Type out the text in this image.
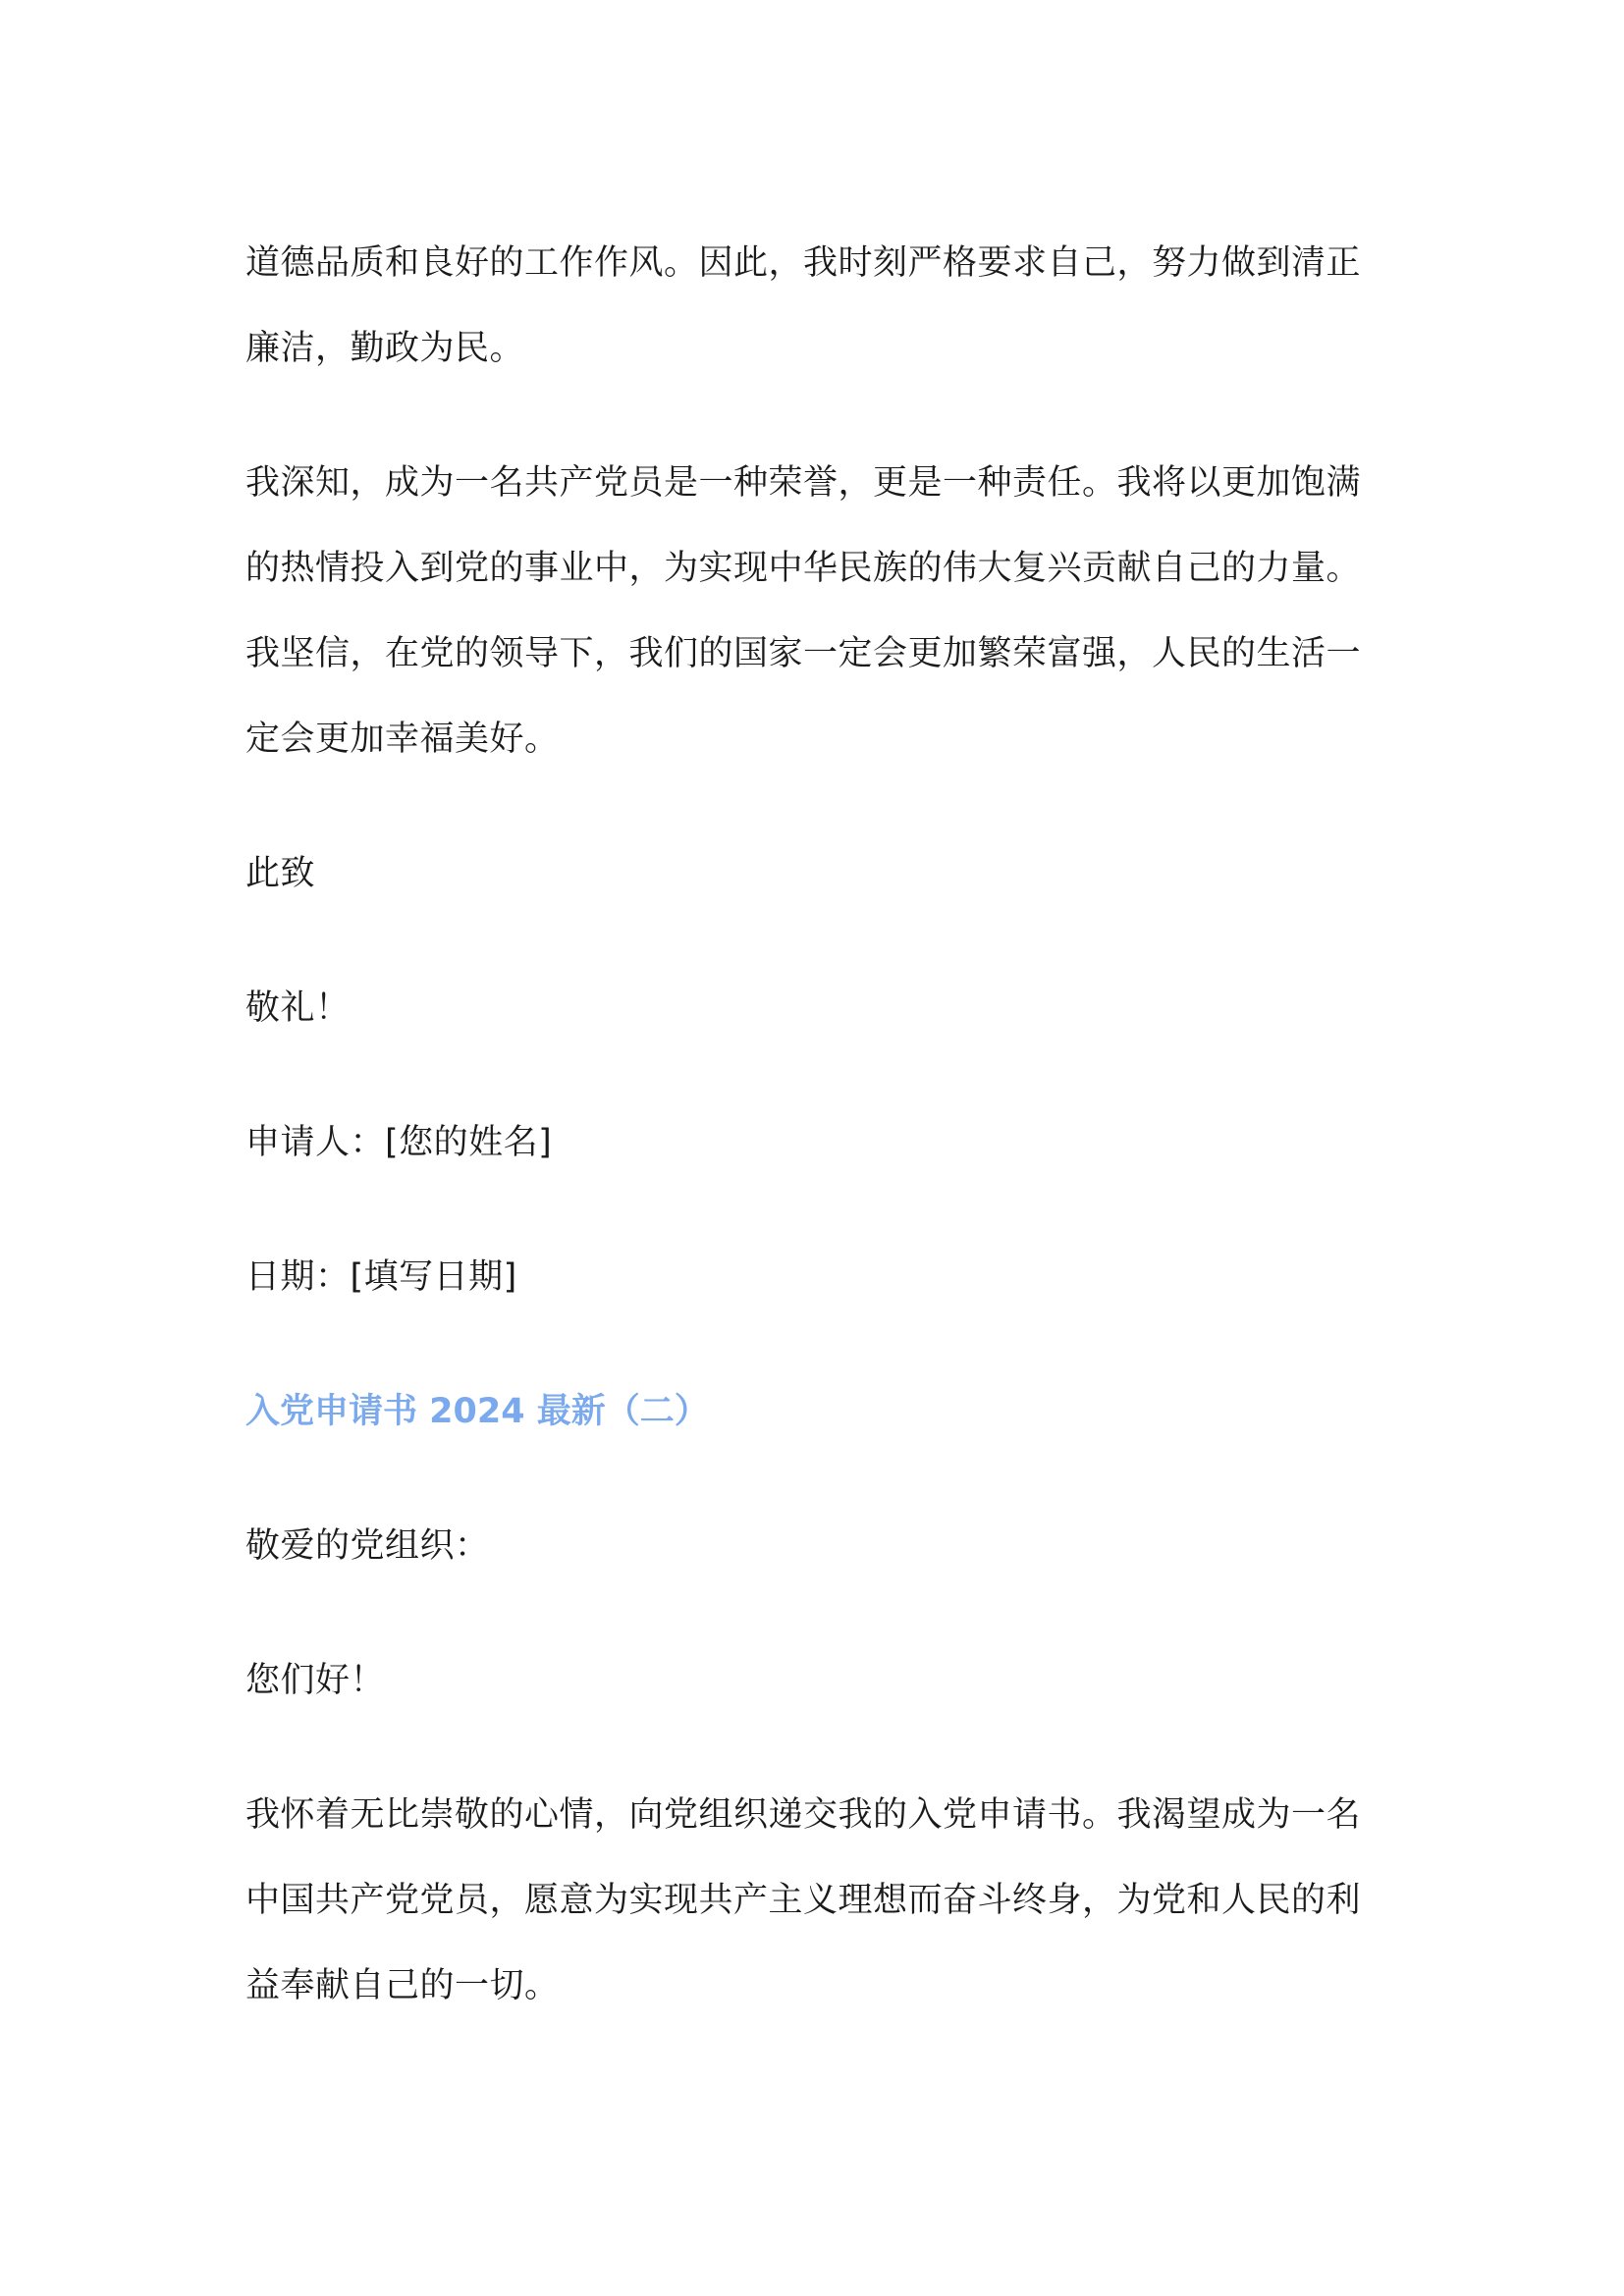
道德品质和良好的工作作风。因此，我时刻严格要求自己，努力做到清正
廉洁，勤政为民。
我深知，成为一名共产党员是一种荣誉，更是一种责任。我将以更加饱满
的热情投入到党的事业中，为实现中华民族的伟大复兴贡献自己的力量。
我坚信，在党的领导下，我们的国家一定会更加繁荣富强，人民的生活一
定会更加幸福美好。
此致
敬礼！
申请人：[您的姓名]
日期：[填写日期]
入党申请书 2024 最新（二）
敬爱的党组织：
您们好！
我怀着无比崇敬的心情，向党组织递交我的入党申请书。我渴望成为一名
中国共产党党员，愿意为实现共产主义理想而奋斗终身，为党和人民的利
益奉献自己的一切。
